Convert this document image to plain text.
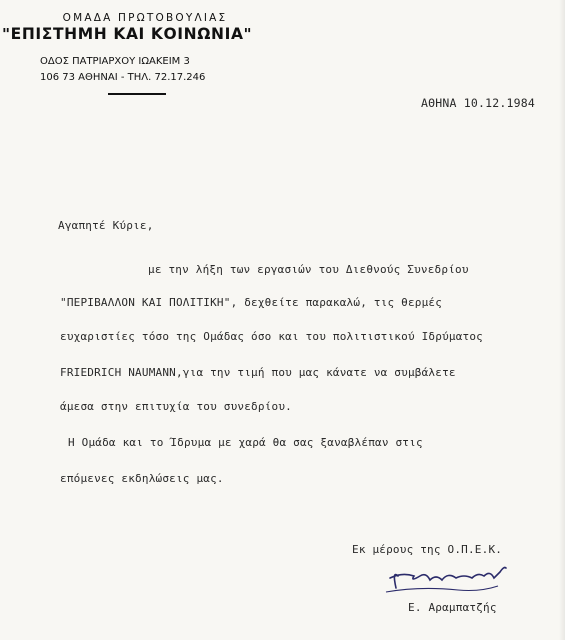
ΟΜΑΔΑ ΠΡΩΤΟΒΟΥΛΙΑΣ
"ΕΠΙΣΤΗΜΗ ΚΑΙ ΚΟΙΝΩΝΙΑ"
ΟΔΟΣ ΠΑΤΡΙΑΡΧΟΥ ΙΩΑΚΕΙΜ 3
106 73 ΑΘΗΝΑΙ - ΤΗΛ. 72.17.246
ΑΘΗΝΑ 10.12.1984
Αγαπητέ Κύριε,
με την λήξη των εργασιών του Διεθνούς Συνεδρίου
"ΠΕΡΙΒΑΛΛΟΝ ΚΑΙ ΠΟΛΙΤΙΚΗ", δεχθείτε παρακαλώ, τις θερμές
ευχαριστίες τόσο της Ομάδας όσο και του πολιτιστικού Ιδρύματος
FRIEDRICH NAUMANN,για την τιμή που μας κάνατε να συμβάλετε
άμεσα στην επιτυχία του συνεδρίου.
Η Ομάδα και το Ίδρυμα με χαρά θα σας ξαναβλέπαν στις
επόμενες εκδηλώσεις μας.
Εκ μέρους της Ο.Π.Ε.Κ.
Ε. Αραμπατζής
